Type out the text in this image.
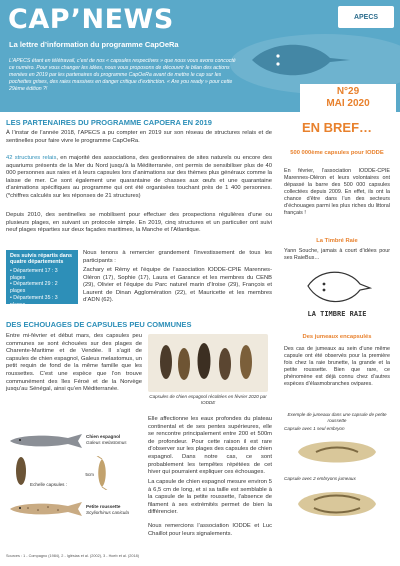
CAP’NEWS
La lettre d’information du programme CapOeRa
L’APECS étant en télétravail, c’est de nos « capsules respectives » que nous vous avons concocté ce numéro. Pour vous changer les idées, nous vous proposons de découvrir le bilan des actions menées en 2019 par les partenaires du programme CapOeRa avant de mettre le cap sur les pochettes grises, des raies massives en danger critique d’extinction. « Are you ready » pour cette 29ème édition ?!
APECS
N°29
MAI 2020
LES PARTENAIRES DU PROGRAMME CAPOERA EN 2019
À l’instar de l’année 2018, l’APECS a pu compter en 2019 sur son réseau de structures relais et de sentinelles pour faire vivre le programme CapOeRa.
42 structures relais, en majorité des associations, des gestionnaires de sites naturels ou encore des aquariums présents de la Mer du Nord jusqu’à la Méditerranée, ont permis de sensibiliser plus de 40 000 personnes aux raies et à leurs capsules lors d’animations sur des thèmes plus généraux comme la laisse de mer. Ce sont également une quarantaine de chasses aux œufs et une quarantaine d’animations spécifiques au programme qui ont été organisées touchant près de 1 400 personnes. (*chiffres calculés sur les réponses de 21 structures)
Depuis 2010, des sentinelles se mobilisent pour effectuer des prospections régulières d’une ou plusieurs plages, en suivant un protocole simple. En 2019, cinq structures et un particulier ont suivi neuf plages réparties sur deux façades maritimes, la Manche et l’Atlantique.
Des suivis répartis dans quatre départements
• Département 17 : 3 plages
• Département 29 : 2 plages
• Département 35 : 3 plages
• Département 62 : 1 plage
Nous tenons à remercier grandement l’investissement de tous les participants :
Zachary et Rémy et l’équipe de l’association IODDE-CPIE Marennes-Oléron (17), Sophie (17), Laura et Garance et les membres du CENB (29), Olivier et l’équipe du Parc naturel marin d’Iroise (29), François et Laurent de Dinan Agglomération (22), et Mauricette et les membres d’ADN (62).
DES ECHOUAGES DE CAPSULES PEU COMMUNES
Entre mi-février et début mars, des capsules peu communes se sont échouées sur des plages de Charente-Maritime et de Vendée. Il s’agit de capsules de chien espagnol, Galeus melastomus, un petit requin de fond de la même famille que les roussettes. C’est une espèce que l’on trouve communément des îles Féroé et de la Norvège jusqu’au Sénégal, ainsi qu’en Méditerranée.
Capsules de chien espagnol récoltées en février 2020 par IODDE
Elle affectionne les eaux profondes du plateau continental et de ses pentes supérieures, elle se rencontre principalement entre 200 et 500m de profondeur. Pour cette raison il est rare d’observer sur les plages des capsules de chien espagnol. Dans notre cas, ce sont probablement les tempêtes répétées de cet hiver qui pourraient expliquer ces échouages.
La capsule de chien espagnol mesure environ 5 à 6,5 cm de long, et si sa taille est semblable à la capsule de la petite roussette, l’absence de filament à ses extrémités permet de bien la différencier.
Nous remercions l’association IODDE et Luc Chaillot pour leurs signalements.
Chien espagnol
Galeus melastomus
Echelle capsules :
5cm
Petite roussette
Scyliorhinus canicula
Sources : 1 - Compagno (1984), 2 - Iglésias et al. (2002), 3 - Hoeb et al. (2018)
EN BREF…
500 000ème capsules pour IODDE
En février, l’association IODDE-CPIE Marennes-Oléron et leurs volontaires ont dépassé la barre des 500 000 capsules collectées depuis 2009. En effet, ils ont la chance d’être dans l’un des secteurs d’échouages parmi les plus riches du littoral français !
La Timbré Raie
Yann Souche, jamais à court d’idées pour ses RaieBus…
LA TIMBRE RAIE
Des jumeaux encapsulés
Des cas de jumeaux au sein d’une même capsule ont été observés pour la première fois chez la raie brunette, la grande et la petite roussette. Bien que rare, ce phénomène est déjà connu chez d’autres espèces d’élasmobranches ovipares.
Exemple de jumeaux dans une capsule de petite roussette
Capsule avec 1 seul embryon
Capsule avec 2 embryons jumeaux
